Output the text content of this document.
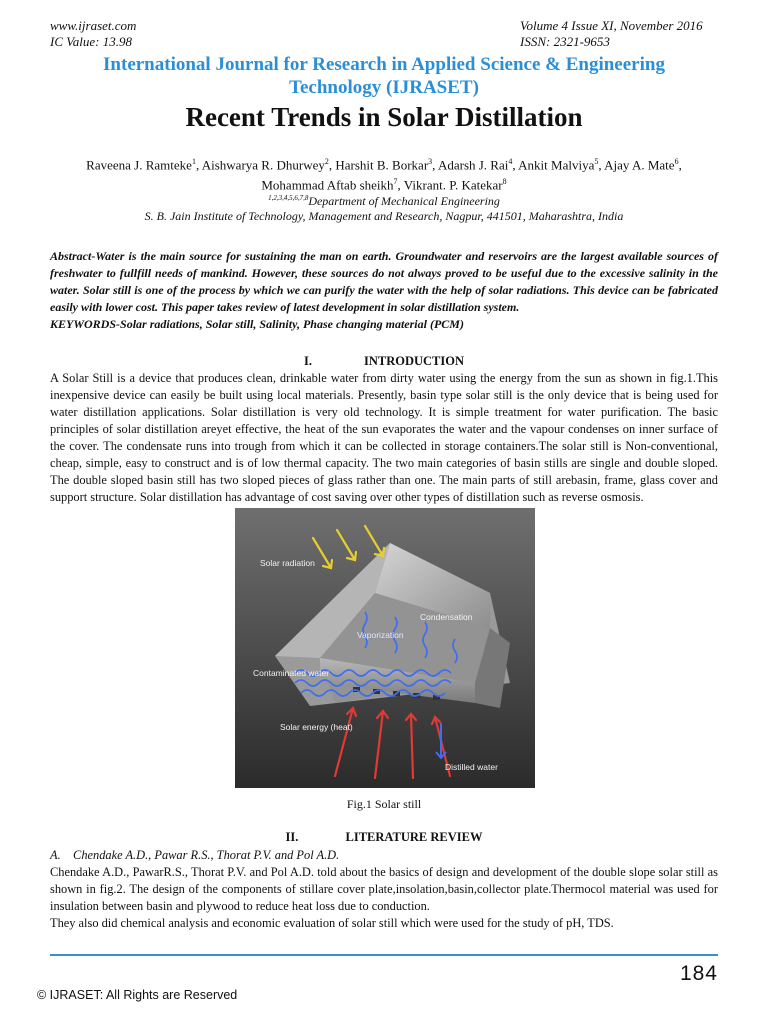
www.ijraset.com
IC Value: 13.98
Volume 4 Issue XI, November 2016
ISSN: 2321-9653
International Journal for Research in Applied Science & Engineering
Technology (IJRASET)
Recent Trends in Solar Distillation
Raveena J. Ramteke$^1$, Aishwarya R. Dhurwey$^2$, Harshit B. Borkar$^3$, Adarsh J. Rai$^4$, Ankit Malviya$^5$, Ajay A. Mate$^6$,
Mohammad Aftab sheikh$^7$, Vikrant. P. Katekar$^8$
$^{1,2,3,4,5,6,7,8}$Department of Mechanical Engineering
S. B. Jain Institute of Technology, Management and Research, Nagpur, 441501, Maharashtra, India
Abstract-Water is the main source for sustaining the man on earth. Groundwater and reservoirs are the largest available sources of freshwater to fullfill needs of mankind. However, these sources do not always proved to be useful due to the excessive salinity in the water. Solar still is one of the process by which we can purify the water with the help of solar radiations. This device can be fabricated easily with lower cost. This paper takes review of latest development in solar distillation system.
KEYWORDS-Solar radiations, Solar still, Salinity, Phase changing material (PCM)
I.	INTRODUCTION
A Solar Still is a device that produces clean, drinkable water from dirty water using the energy from the sun as shown in fig.1.This inexpensive device can easily be built using local materials. Presently, basin type solar still is the only device that is being used for water distillation applications. Solar distillation is very old technology. It is simple treatment for water purification. The basic principles of solar distillation areyet effective, the heat of the sun evaporates the water and the vapour condenses on inner surface of the cover. The condensate runs into trough from which it can be collected in storage containers.The solar still is Non-conventional, cheap, simple, easy to construct and is of low thermal capacity. The two main categories of basin stills are single and double sloped. The double sloped basin still has two sloped pieces of glass rather than one. The main parts of still arebasin, frame, glass cover and support structure. Solar distillation has advantage of cost saving over other types of distillation such as reverse osmosis.
Solar radiation
Condensation
Vaporization
Contaminated water
Solar energy (heat)
Distilled water
Fig.1 Solar still
II.	LITERATURE REVIEW
A.    Chendake A.D., Pawar R.S., Thorat P.V. and Pol A.D.
Chendake A.D., PawarR.S., Thorat P.V. and Pol A.D. told about the basics of design and development of the double slope solar still as shown in fig.2. The design of the components of stillare cover plate,insolation,basin,collector plate.Thermocol material was used for insulation between basin and plywood to reduce heat loss due to conduction.
They also did chemical analysis and economic evaluation of solar still which were used for the study of pH, TDS.
184
© IJRASET: All Rights are Reserved
